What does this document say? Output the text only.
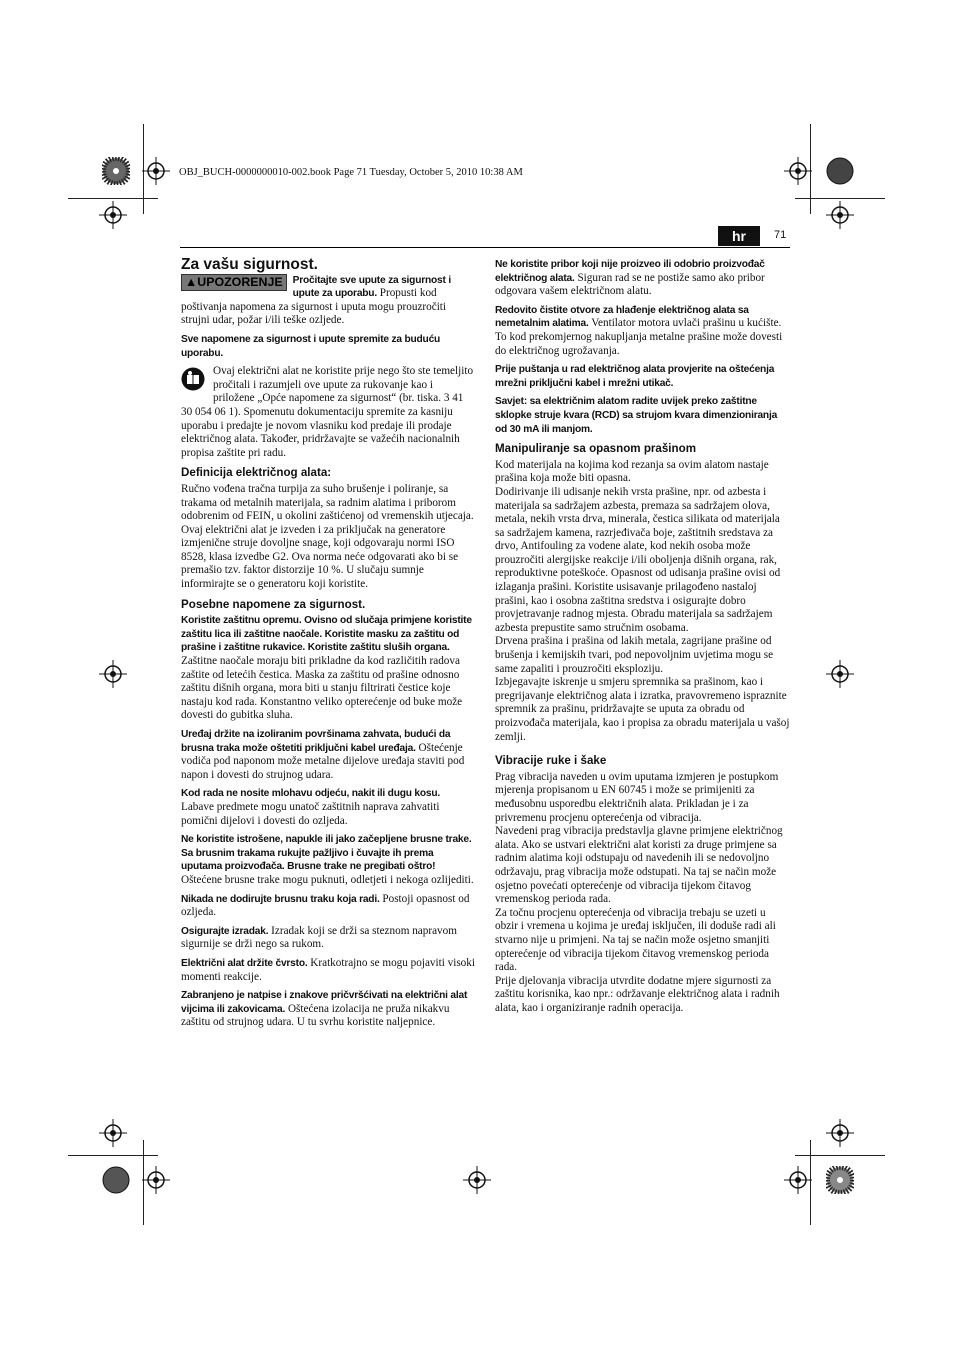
OBJ_BUCH-0000000010-002.book Page 71 Tuesday, October 5, 2010 10:38 AM
hr	71
Za vašu sigurnost.

▲UPOZORENJE Pročitajte sve upute za sigurnost i upute za uporabu. Propusti kod poštivanja napomena za sigurnost i uputa mogu prouzročiti strujni udar, požar i/ili teške ozljede.

Sve napomene za sigurnost i upute spremite za buduću uporabu.

Ovaj električni alat ne koristite prije nego što ste temeljito pročitali i razumjeli ove upute za rukovanje kao i priložene „Opće napomene za sigurnost“ (br. tiska. 3 41 30 054 06 1). Spomenutu dokumentaciju spremite za kasniju uporabu i predajte je novom vlasniku kod predaje ili prodaje električnog alata. Također, pridržavajte se važećih nacionalnih propisa zaštite pri radu.

Definicija električnog alata:

Ručno vođena tračna turpija za suho brušenje i poliranje, sa trakama od metalnih materijala, sa radnim alatima i priborom odobrenim od FEIN, u okolini zaštićenoj od vremenskih utjecaja.

Ovaj električni alat je izveden i za priključak na generatore izmjenične struje dovoljne snage, koji odgovaraju normi ISO 8528, klasa izvedbe G2. Ova norma neće odgovarati ako bi se premašio tzv. faktor distorzije 10 %. U slučaju sumnje informirajte se o generatoru koji koristite.

Posebne napomene za sigurnost.

Koristite zaštitnu opremu. Ovisno od slučaja primjene koristite zaštitu lica ili zaštitne naočale. Koristite masku za zaštitu od prašine i zaštitne rukavice. Koristite zaštitu sluših organa. Zaštitne naočale moraju biti prikladne da kod različitih radova zaštite od letećih čestica. Maska za zaštitu od prašine odnosno zaštitu dišnih organa, mora biti u stanju filtrirati čestice koje nastaju kod rada. Konstantno veliko opterećenje od buke može dovesti do gubitka sluha.

Uređaj držite na izoliranim površinama zahvata, budući da brusna traka može oštetiti priključni kabel uređaja. Oštećenje vodiča pod naponom može metalne dijelove uređaja staviti pod napon i dovesti do strujnog udara.

Kod rada ne nosite mlohavu odjeću, nakit ili dugu kosu. Labave predmete mogu unatoč zaštitnih naprava zahvatiti pomični dijelovi i dovesti do ozljeda.

Ne koristite istrošene, napukle ili jako začepljene brusne trake. Sa brusnim trakama rukujte pažljivo i čuvajte ih prema uputama proizvođača. Brusne trake ne pregibati oštro! Oštećene brusne trake mogu puknuti, odletjeti i nekoga ozlijediti.

Nikada ne dodirujte brusnu traku koja radi. Postoji opasnost od ozljeda.

Osigurajte izradak. Izradak koji se drži sa steznom napravom sigurnije se drži nego sa rukom.

Električni alat držite čvrsto. Kratkotrajno se mogu pojaviti visoki momenti reakcije.

Zabranjeno je natpise i znakove pričvršćivati na električni alat vijcima ili zakovicama. Oštećena izolacija ne pruža nikakvu zaštitu od strujnog udara. U tu svrhu koristite naljepnice.

Ne koristite pribor koji nije proizveo ili odobrio proizvođač električnog alata. Siguran rad se ne postiže samo ako pribor odgovara vašem električnom alatu.

Redovito čistite otvore za hlađenje električnog alata sa nemetalnim alatima. Ventilator motora uvlači prašinu u kućište. To kod prekomjernog nakupljanja metalne prašine može dovesti do električnog ugrožavanja.

Prije puštanja u rad električnog alata provjerite na oštećenja mrežni priključni kabel i mrežni utikač.

Savjet: sa električnim alatom radite uvijek preko zaštitne sklopke struje kvara (RCD) sa strujom kvara dimenzioniranja od 30 mA ili manjom.

Manipuliranje sa opasnom prašinom

Kod materijala na kojima kod rezanja sa ovim alatom nastaje prašina koja može biti opasna.

Dodirivanje ili udisanje nekih vrsta prašine, npr. od azbesta i materijala sa sadržajem azbesta, premaza sa sadržajem olova, metala, nekih vrsta drva, minerala, čestica silikata od materijala sa sadržajem kamena, razrjeđivača boje, zaštitnih sredstava za drvo, Antifouling za vodene alate, kod nekih osoba može prouzročiti alergijske reakcije i/ili oboljenja dišnih organa, rak, reproduktivne poteškoće. Opasnost od udisanja prašine ovisi od izlaganja prašini. Koristite usisavanje prilagođeno nastaloj prašini, kao i osobna zaštitna sredstva i osigurajte dobro provjetravanje radnog mjesta. Obradu materijala sa sadržajem azbesta prepustite samo stručnim osobama.

Drvena prašina i prašina od lakih metala, zagrijane prašine od brušenja i kemijskih tvari, pod nepovoljnim uvjetima mogu se same zapaliti i prouzročiti eksploziju.

Izbjegavajte iskrenje u smjeru spremnika sa prašinom, kao i pregrijavanje električnog alata i izratka, pravovremeno ispraznite spremnik za prašinu, pridržavajte se uputa za obradu od proizvođača materijala, kao i propisa za obradu materijala u vašoj zemlji.

Vibracije ruke i šake

Prag vibracija naveden u ovim uputama izmjeren je postupkom mjerenja propisanom u EN 60745 i može se primijeniti za međusobnu usporedbu električnih alata. Prikladan je i za privremenu procjenu opterećenja od vibracija.

Navedeni prag vibracija predstavlja glavne primjene električnog alata. Ako se ustvari električni alat koristi za druge primjene sa radnim alatima koji odstupaju od navedenih ili se nedovoljno održavaju, prag vibracija može odstupati. Na taj se način može osjetno povećati opterećenje od vibracija tijekom čitavog vremenskog perioda rada.

Za točnu procjenu opterećenja od vibracija trebaju se uzeti u obzir i vremena u kojima je uređaj isključen, ili doduše radi ali stvarno nije u primjeni. Na taj se način može osjetno smanjiti opterećenje od vibracija tijekom čitavog vremenskog perioda rada.

Prije djelovanja vibracija utvrdite dodatne mjere sigurnosti za zaštitu korisnika, kao npr.: održavanje električnog alata i radnih alata, kao i organiziranje radnih operacija.
